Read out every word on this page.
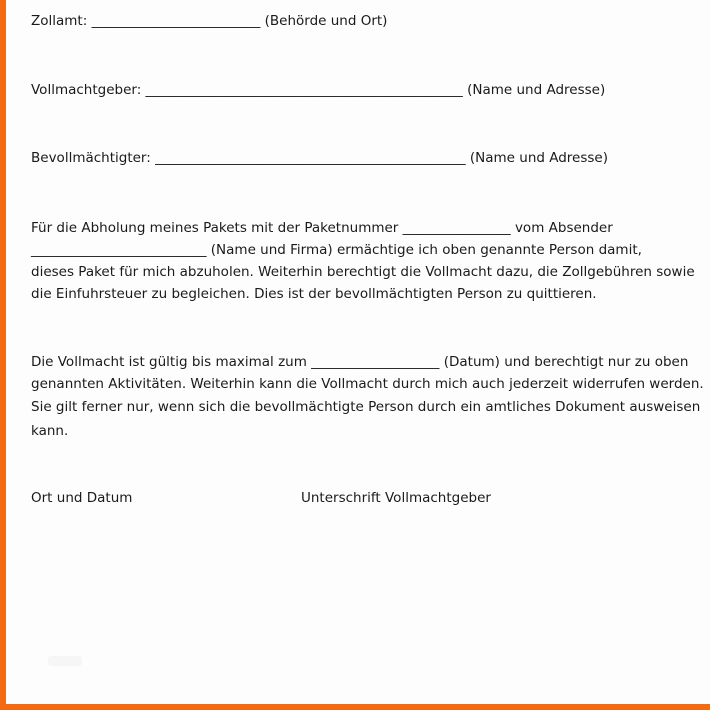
Zollamt: _________________________ (Behörde und Ort)
Vollmachtgeber: _______________________________________________ (Name und Adresse)
Bevollmächtigter: ______________________________________________ (Name und Adresse)
Für die Abholung meines Pakets mit der Paketnummer ________________ vom Absender
__________________________ (Name und Firma) ermächtige ich oben genannte Person damit,
dieses Paket für mich abzuholen. Weiterhin berechtigt die Vollmacht dazu, die Zollgebühren sowie
die Einfuhrsteuer zu begleichen. Dies ist der bevollmächtigten Person zu quittieren.
Die Vollmacht ist gültig bis maximal zum ___________________ (Datum) und berechtigt nur zu oben
genannten Aktivitäten. Weiterhin kann die Vollmacht durch mich auch jederzeit widerrufen werden.
Sie gilt ferner nur, wenn sich die bevollmächtigte Person durch ein amtliches Dokument ausweisen
kann.
Ort und Datum	Unterschrift Vollmachtgeber
